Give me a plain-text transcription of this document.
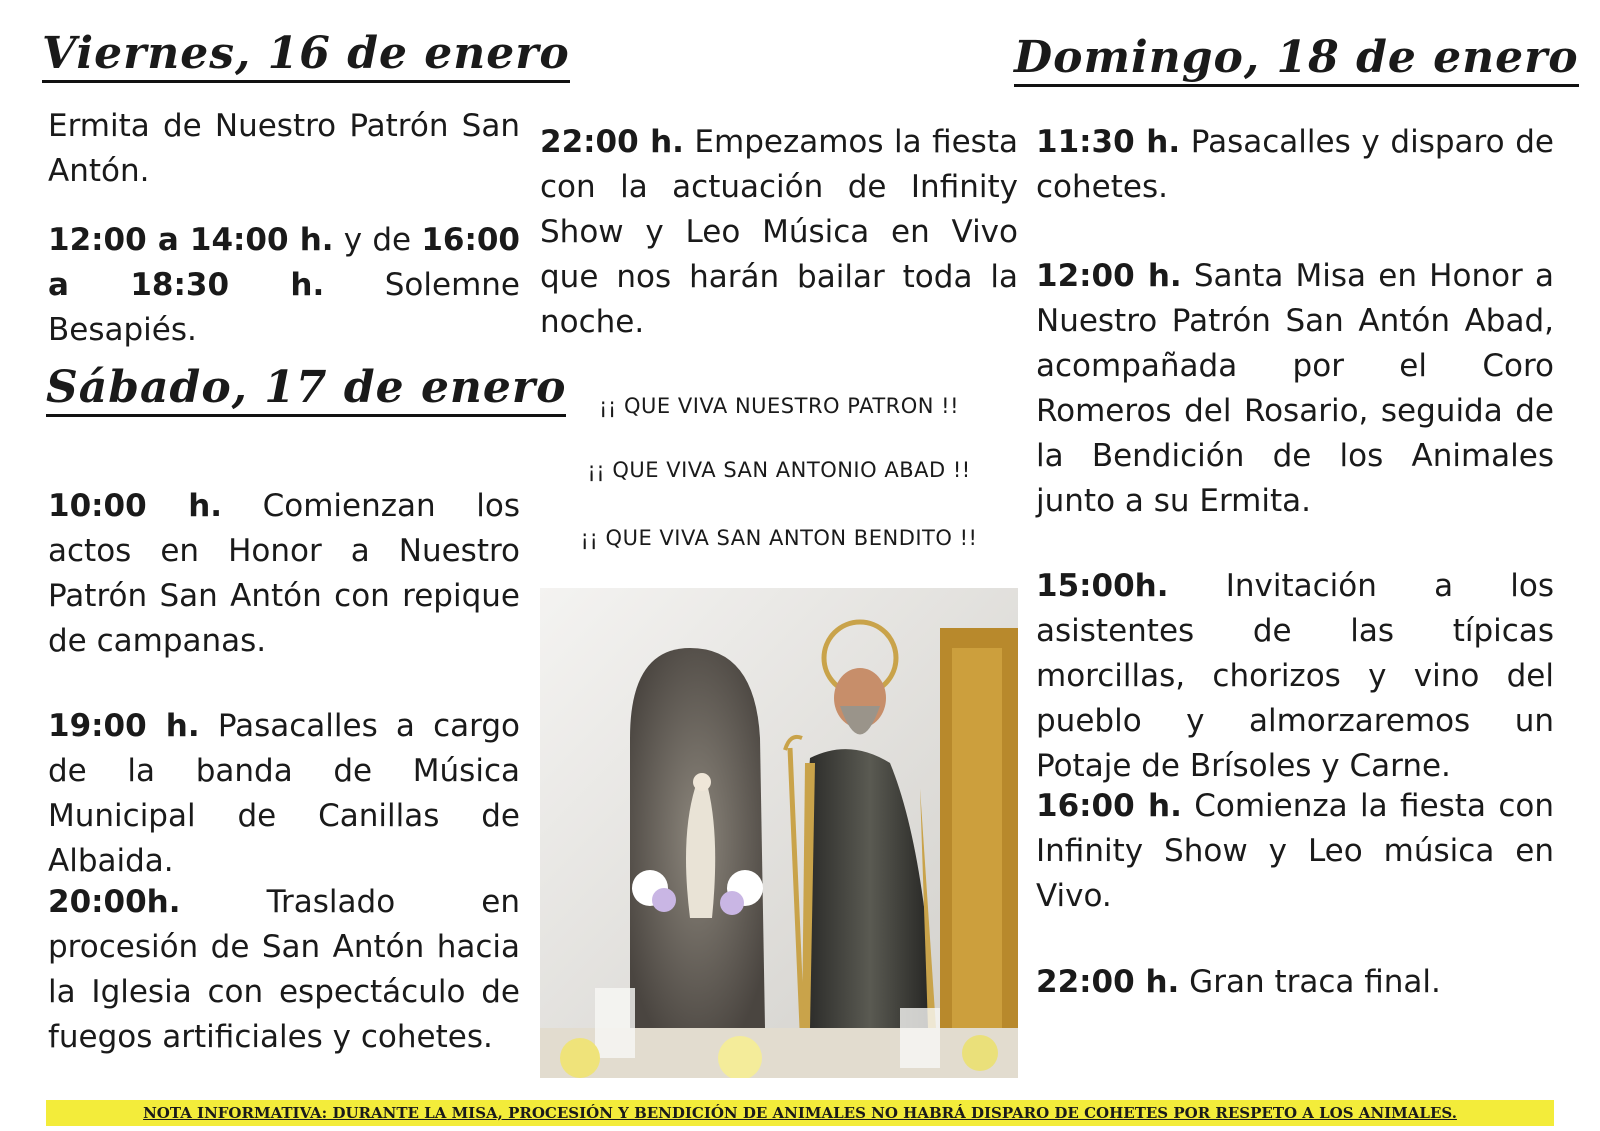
Viernes, 16 de enero
Ermita de Nuestro Patrón San Antón.
12:00 a 14:00 h. y de 16:00 a 18:30 h. Solemne Besapiés.
Sábado, 17 de enero
10:00 h. Comienzan los actos en Honor a Nuestro Patrón San Antón con repique de campanas.
19:00 h. Pasacalles a cargo de la banda de Música Municipal de Canillas de Albaida.
20:00h. Traslado en procesión de San Antón hacia la Iglesia con espectáculo de fuegos artificiales y cohetes.
22:00 h. Empezamos la fiesta con la actuación de Infinity Show y Leo Música en Vivo que nos harán bailar toda la noche.
¡¡ QUE VIVA NUESTRO PATRON !!
¡¡ QUE VIVA SAN ANTONIO ABAD !!
¡¡ QUE VIVA SAN ANTON BENDITO !!
Domingo, 18 de enero
11:30 h. Pasacalles y disparo de cohetes.
12:00 h. Santa Misa en Honor a Nuestro Patrón San Antón Abad, acompañada por el Coro Romeros del Rosario, seguida de la Bendición de los Animales junto a su Ermita.
15:00h. Invitación a los asistentes de las típicas morcillas, chorizos y vino del pueblo y almorzaremos un Potaje de Brísoles y Carne.
16:00 h. Comienza la fiesta con Infinity Show y Leo música en Vivo.
22:00 h. Gran traca final.
NOTA INFORMATIVA: DURANTE LA MISA, PROCESIÓN Y BENDICIÓN DE ANIMALES NO HABRÁ DISPARO DE COHETES POR RESPETO A LOS ANIMALES.
